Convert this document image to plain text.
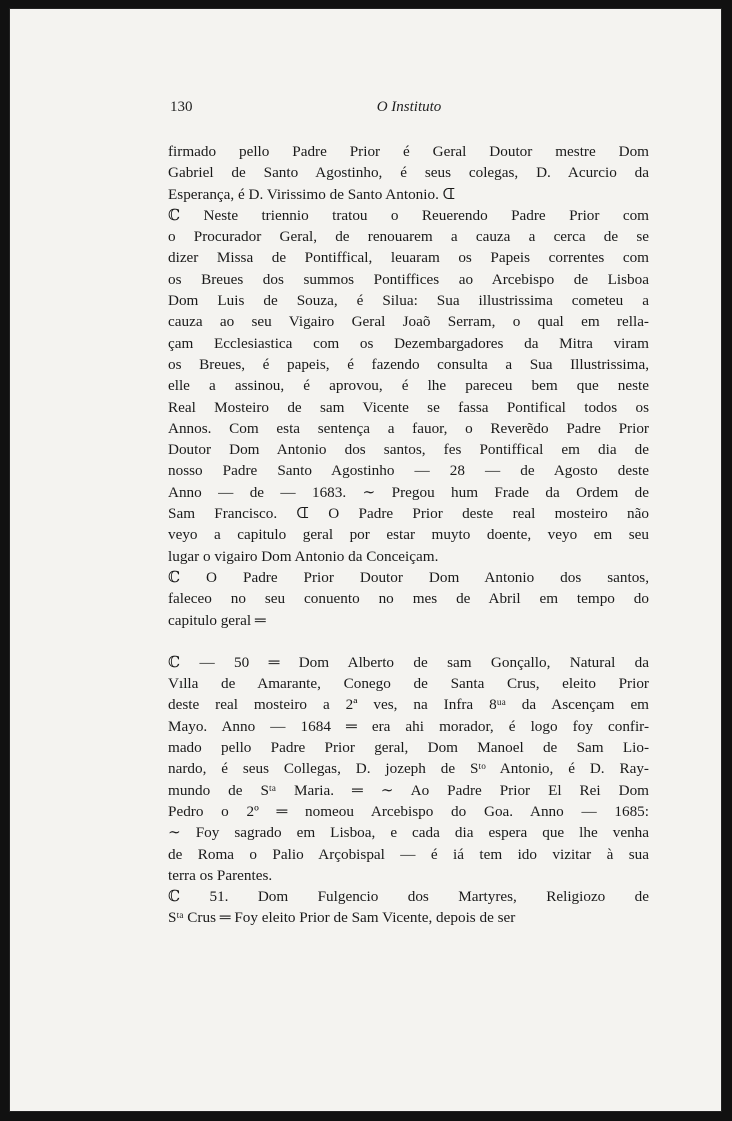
130	O Instituto
firmado pello Padre Prior é Geral Doutor mestre Dom
Gabriel de Santo Agostinho, é seus colegas, D. Acurcio da
Esperança, é D. Virissimo de Santo Antonio. ᗭ
ℂ Neste triennio tratou o Reuerendo Padre Prior com
o Procurador Geral, de renouarem a cauza a cerca de se
dizer Missa de Pontiffical, leuaram os Papeis correntes com
os Breues dos summos Pontiffices ao Arcebispo de Lisboa
Dom Luis de Souza, é Silua: Sua illustrissima cometeu a
cauza ao seu Vigairo Geral Joaõ Serram, o qual em rella-
çam Ecclesiastica com os Dezembargadores da Mitra viram
os Breues, é papeis, é fazendo consulta a Sua Illustrissima,
elle a assinou, é aprovou, é lhe pareceu bem que neste
Real Mosteiro de sam Vicente se fassa Pontifical todos os
Annos. Com esta sentença a fauor, o Reverẽdo Padre Prior
Doutor Dom Antonio dos santos, fes Pontiffical em dia de
nosso Padre Santo Agostinho — 28 — de Agosto deste
Anno — de — 1683. ∼ Pregou hum Frade da Ordem de
Sam Francisco. ᗭ O Padre Prior deste real mosteiro não
veyo a capitulo geral por estar muyto doente, veyo em seu
lugar o vigairo Dom Antonio da Conceiçam.
ℂ O Padre Prior Doutor Dom Antonio dos santos,
faleceo no seu conuento no mes de Abril em tempo do
capitulo geral ═
ℂ — 50 ═ Dom Alberto de sam Gonçallo, Natural da
Vılla de Amarante, Conego de Santa Crus, eleito Prior
deste real mosteiro a 2ª ves, na Infra 8ᵘᵃ da Ascençam em
Mayo. Anno — 1684 ═ era ahi morador, é logo foy confir-
mado pello Padre Prior geral, Dom Manoel de Sam Lio-
nardo, é seus Collegas, D. jozeph de Sᵗᵒ Antonio, é D. Ray-
mundo de Sᵗᵃ Maria. ═ ∼ Ao Padre Prior El Rei Dom
Pedro o 2º ═ nomeou Arcebispo do Goa. Anno — 1685:
∼ Foy sagrado em Lisboa, e cada dia espera que lhe venha
de Roma o Palio Arçobispal — é iá tem ido vizitar à sua
terra os Parentes.
ℂ 51. Dom Fulgencio dos Martyres, Religiozo de
Sᵗᵃ Crus ═ Foy eleito Prior de Sam Vicente, depois de ser
